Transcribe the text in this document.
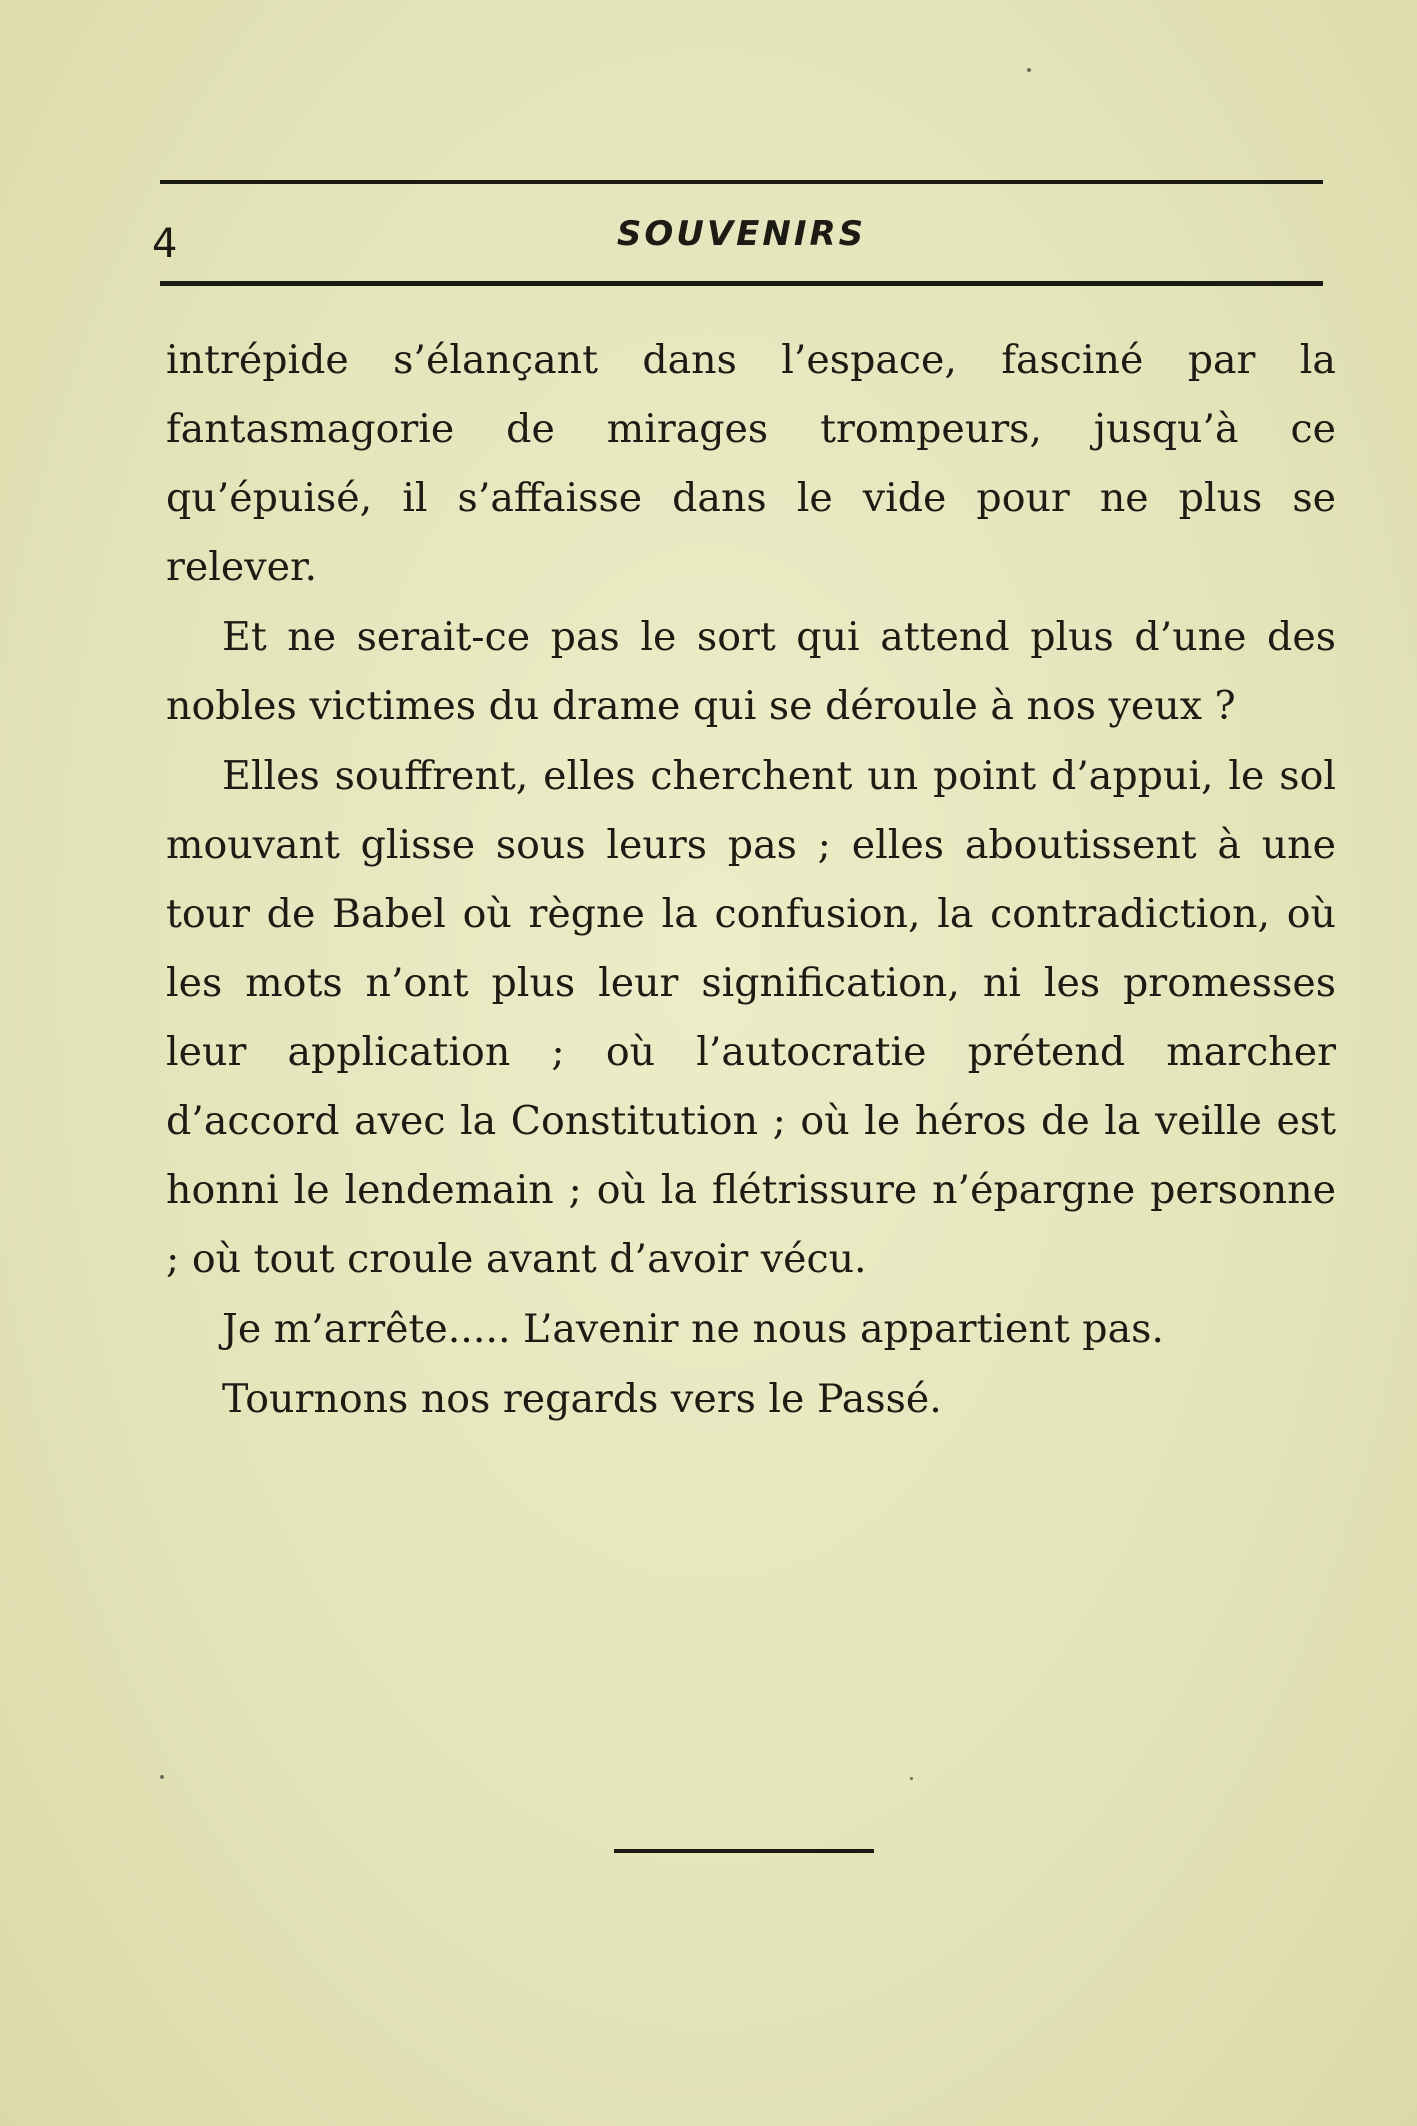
4	SOUVENIRS

intrépide s’élançant dans l’espace, fasciné par la fantasmagorie de mirages trompeurs, jusqu’à ce qu’épuisé, il s’affaisse dans le vide pour ne plus se relever.

Et ne serait-ce pas le sort qui attend plus d’une des nobles victimes du drame qui se déroule à nos yeux ?

Elles souffrent, elles cherchent un point d’appui, le sol mouvant glisse sous leurs pas ; elles aboutissent à une tour de Babel où règne la confusion, la contradiction, où les mots n’ont plus leur signification, ni les promesses leur application ; où l’autocratie prétend marcher d’accord avec la Constitution ; où le héros de la veille est honni le lendemain ; où la flétrissure n’épargne personne ; où tout croule avant d’avoir vécu.

Je m’arrête..... L’avenir ne nous appartient pas.

Tournons nos regards vers le Passé.
